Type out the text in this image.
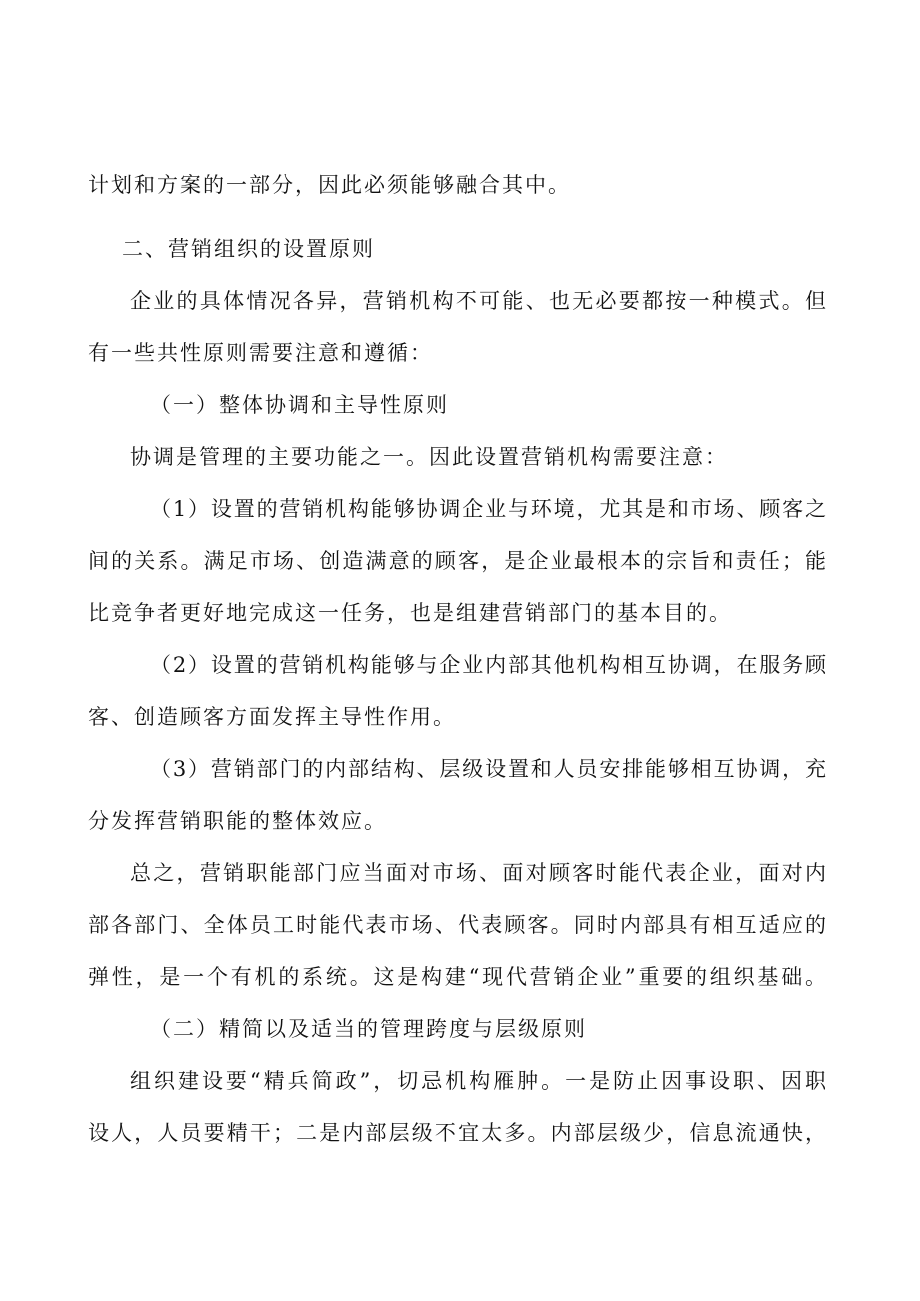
计划和方案的一部分，因此必须能够融合其中。
二、营销组织的设置原则
企业的具体情况各异，营销机构不可能、也无必要都按一种模式。但
有一些共性原则需要注意和遵循：
（一）整体协调和主导性原则
协调是管理的主要功能之一。因此设置营销机构需要注意：
（1）设置的营销机构能够协调企业与环境，尤其是和市场、顾客之
间的关系。满足市场、创造满意的顾客，是企业最根本的宗旨和责任；能
比竞争者更好地完成这一任务，也是组建营销部门的基本目的。
（2）设置的营销机构能够与企业内部其他机构相互协调，在服务顾
客、创造顾客方面发挥主导性作用。
（3）营销部门的内部结构、层级设置和人员安排能够相互协调，充
分发挥营销职能的整体效应。
总之，营销职能部门应当面对市场、面对顾客时能代表企业，面对内
部各部门、全体员工时能代表市场、代表顾客。同时内部具有相互适应的
弹性，是一个有机的系统。这是构建“现代营销企业”重要的组织基础。
（二）精简以及适当的管理跨度与层级原则
组织建设要“精兵简政”，切忌机构雁肿。一是防止因事设职、因职
设人，人员要精干；二是内部层级不宜太多。内部层级少，信息流通快，
